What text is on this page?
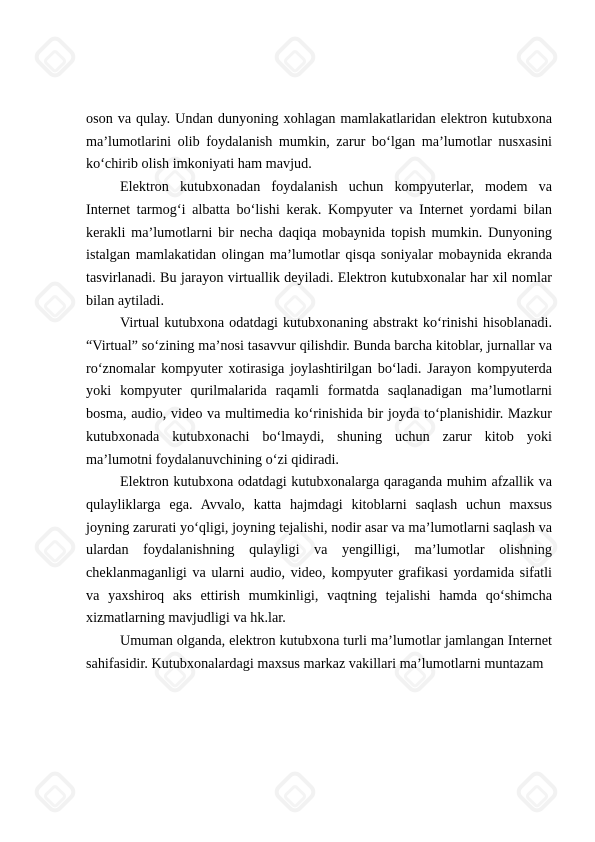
oson va qulay. Undan dunyoning xohlagan mamlakatlaridan elektron kutubxona ma’lumotlarini olib foydalanish mumkin, zarur bo‘lgan ma’lumotlar nusxasini ko‘chirib olish imkoniyati ham mavjud.

Elektron kutubxonadan foydalanish uchun kompyuterlar, modem va Internet tarmog‘i albatta bo‘lishi kerak. Kompyuter va Internet yordami bilan kerakli ma’lumotlarni bir necha daqiqa mobaynida topish mumkin. Dunyoning istalgan mamlakatidan olingan ma’lumotlar qisqa soniyalar mobaynida ekranda tasvirlanadi. Bu jarayon virtuallik deyiladi. Elektron kutubxonalar har xil nomlar bilan aytiladi.

Virtual kutubxona odatdagi kutubxonaning abstrakt ko‘rinishi hisoblanadi. “Virtual” so‘zining ma’nosi tasavvur qilishdir. Bunda barcha kitoblar, jurnallar va ro‘znomalar kompyuter xotirasiga joylashtirilgan bo‘ladi. Jarayon kompyuterda yoki kompyuter qurilmalarida raqamli formatda saqlanadigan ma’lumotlarni bosma, audio, video va multimedia ko‘rinishida bir joyda to‘planishidir. Mazkur kutubxonada kutubxonachi bo‘lmaydi, shuning uchun zarur kitob yoki ma’lumotni foydalanuvchining o‘zi qidiradi.

Elektron kutubxona odatdagi kutubxonalarga qaraganda muhim afzallik va qulayliklarga ega. Avvalo, katta hajmdagi kitoblarni saqlash uchun maxsus joyning zarurati yo‘qligi, joyning tejalishi, nodir asar va ma’lumotlarni saqlash va ulardan foydalanishning qulayligi va yengilligi, ma’lumotlar olishning cheklanmaganligi va ularni audio, video, kompyuter grafikasi yordamida sifatli va yaxshiroq aks ettirish mumkinligi, vaqtning tejalishi hamda qo‘shimcha xizmatlarning mavjudligi va hk.lar.

Umuman olganda, elektron kutubxona turli ma’lumotlar jamlangan Internet sahifasidir. Kutubxonalardagi maxsus markaz vakillari ma’lumotlarni muntazam
